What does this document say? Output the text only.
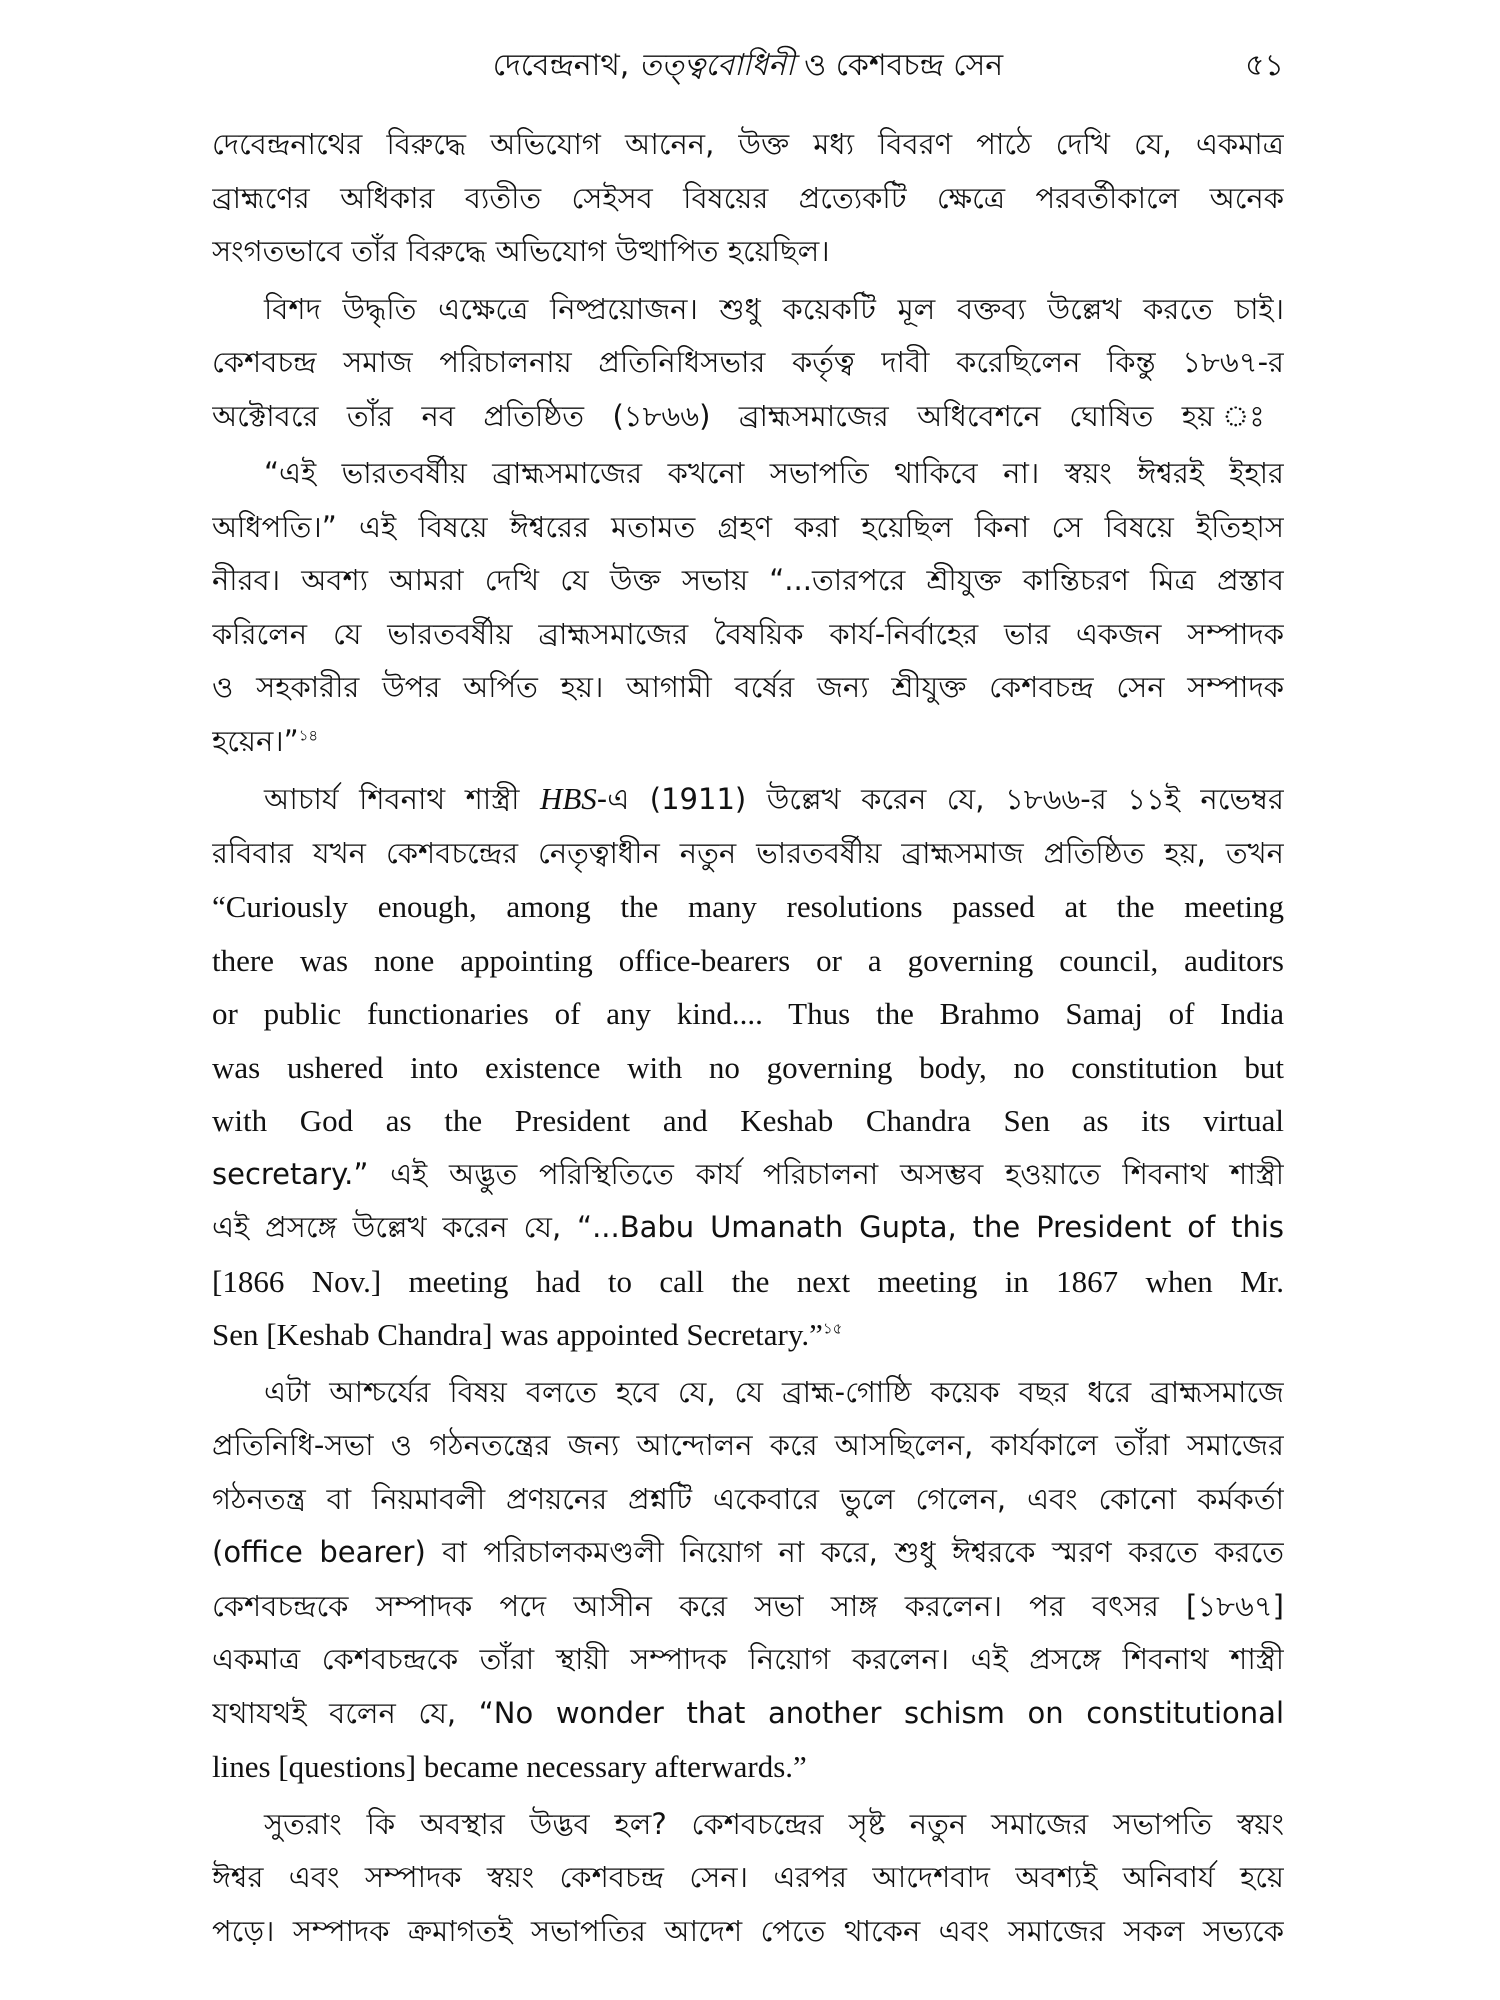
দেবেন্দ্রনাথ, তত্ত্ববোধিনী ও কেশবচন্দ্র সেন	৫১

দেবেন্দ্রনাথের বিরুদ্ধে অভিযোগ আনেন, উক্ত মধ্য বিবরণ পাঠে দেখি যে, একমাত্র
ব্রাহ্মণের অধিকার ব্যতীত সেইসব বিষয়ের প্রত্যেকটি ক্ষেত্রে পরবর্তীকালে অনেক
সংগতভাবে তাঁর বিরুদ্ধে অভিযোগ উত্থাপিত হয়েছিল।

বিশদ উদ্ধৃতি এক্ষেত্রে নিষ্প্রয়োজন। শুধু কয়েকটি মূল বক্তব্য উল্লেখ করতে চাই।
কেশবচন্দ্র সমাজ পরিচালনায় প্রতিনিধিসভার কর্তৃত্ব দাবী করেছিলেন কিন্তু ১৮৬৭-র
অক্টোবরে তাঁর নব প্রতিষ্ঠিত (১৮৬৬) ব্রাহ্মসমাজের অধিবেশনে ঘোষিত হয় ঃ

“এই ভারতবর্ষীয় ব্রাহ্মসমাজের কখনো সভাপতি থাকিবে না। স্বয়ং ঈশ্বরই ইহার
অধিপতি।” এই বিষয়ে ঈশ্বরের মতামত গ্রহণ করা হয়েছিল কিনা সে বিষয়ে ইতিহাস
নীরব। অবশ্য আমরা দেখি যে উক্ত সভায় “...তারপরে শ্রীযুক্ত কান্তিচরণ মিত্র প্রস্তাব
করিলেন যে ভারতবর্ষীয় ব্রাহ্মসমাজের বৈষয়িক কার্য-নির্বাহের ভার একজন সম্পাদক
ও সহকারীর উপর অর্পিত হয়। আগামী বর্ষের জন্য শ্রীযুক্ত কেশবচন্দ্র সেন সম্পাদক
হয়েন।”$^{১৪}$

আচার্য শিবনাথ শাস্ত্রী HBS-এ (1911) উল্লেখ করেন যে, ১৮৬৬-র ১১ই নভেম্বর
রবিবার যখন কেশবচন্দ্রের নেতৃত্বাধীন নতুন ভারতবর্ষীয় ব্রাহ্মসমাজ প্রতিষ্ঠিত হয়, তখন
“Curiously enough, among the many resolutions passed at the meeting
there was none appointing office-bearers or a governing council, auditors
or public functionaries of any kind.... Thus the Brahmo Samaj of India
was ushered into existence with no governing body, no constitution but
with God as the President and Keshab Chandra Sen as its virtual
secretary.” এই অদ্ভুত পরিস্থিতিতে কার্য পরিচালনা অসম্ভব হওয়াতে শিবনাথ শাস্ত্রী
এই প্রসঙ্গে উল্লেখ করেন যে, “...Babu Umanath Gupta, the President of this
[1866 Nov.] meeting had to call the next meeting in 1867 when Mr.
Sen [Keshab Chandra] was appointed Secretary.”$^{১৫}$

এটা আশ্চর্যের বিষয় বলতে হবে যে, যে ব্রাহ্ম-গোষ্ঠি কয়েক বছর ধরে ব্রাহ্মসমাজে
প্রতিনিধি-সভা ও গঠনতন্ত্রের জন্য আন্দোলন করে আসছিলেন, কার্যকালে তাঁরা সমাজের
গঠনতন্ত্র বা নিয়মাবলী প্রণয়নের প্রশ্নটি একেবারে ভুলে গেলেন, এবং কোনো কর্মকর্তা
(office bearer) বা পরিচালকমণ্ডলী নিয়োগ না করে, শুধু ঈশ্বরকে স্মরণ করতে করতে
কেশবচন্দ্রকে সম্পাদক পদে আসীন করে সভা সাঙ্গ করলেন। পর বৎসর [১৮৬৭]
একমাত্র কেশবচন্দ্রকে তাঁরা স্থায়ী সম্পাদক নিয়োগ করলেন। এই প্রসঙ্গে শিবনাথ শাস্ত্রী
যথাযথই বলেন যে, “No wonder that another schism on constitutional
lines [questions] became necessary afterwards.”

সুতরাং কি অবস্থার উদ্ভব হল? কেশবচন্দ্রের সৃষ্ট নতুন সমাজের সভাপতি স্বয়ং
ঈশ্বর এবং সম্পাদক স্বয়ং কেশবচন্দ্র সেন। এরপর আদেশবাদ অবশ্যই অনিবার্য হয়ে
পড়ে। সম্পাদক ক্রমাগতই সভাপতির আদেশ পেতে থাকেন এবং সমাজের সকল সভ্যকে
